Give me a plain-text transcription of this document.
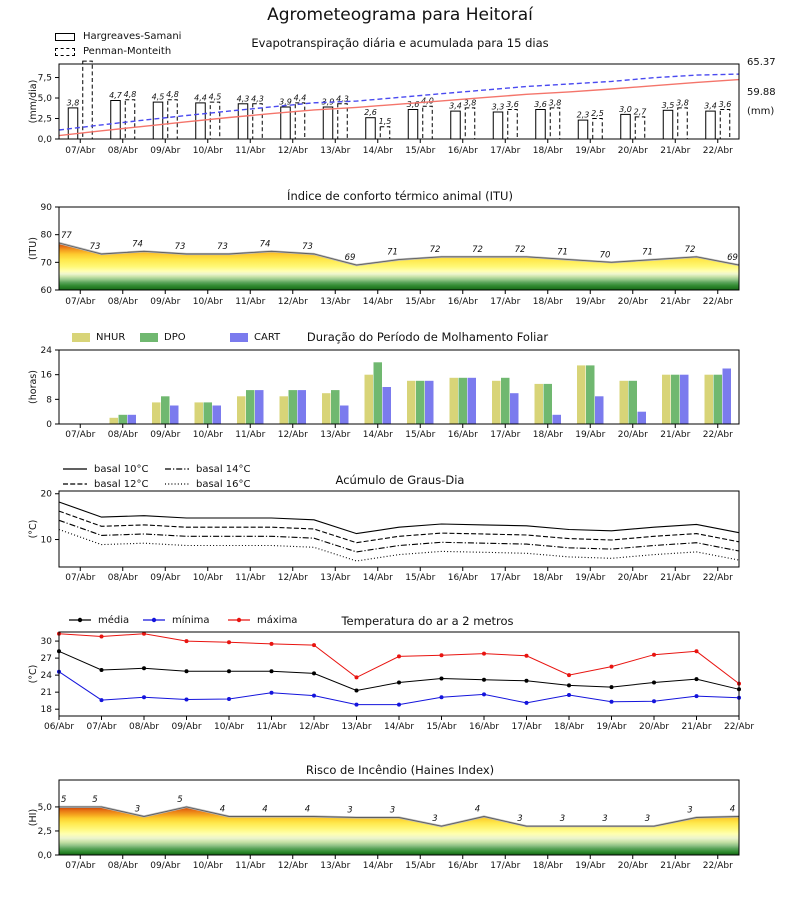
Agrometeograma para Heitoraí
Evapotranspiração diária e acumulada para 15 dias
Índice de conforto térmico animal (ITU)
Duração do Período de Molhamento Foliar
Acúmulo de Graus-Dia
Temperatura do ar a 2 metros
Risco de Incêndio (Haines Index)
Hargreaves-Samani
Penman-Monteith
NHUR	DPO	CART
basal 10°C
basal 12°C
basal 14°C
basal 16°C
média	mínima	máxima
3,8
4,7	4,5	4,4	4,3	3,9	3,9
2,6
3,6	3,4	3,3	3,6
2,3
3,0	3,5	3,4
4,8	4,8	4,5	4,3	4,4	4,3
1,5
4,0	3,8	3,6	3,8
2,5	2,7
3,8	3,6
65.37
59.88
(mm)
0,0
2,5
5,0
7,5
(mm/dia)
07/Abr 08/Abr 09/Abr 10/Abr 11/Abr 12/Abr 13/Abr 14/Abr 15/Abr 16/Abr 17/Abr 18/Abr 19/Abr 20/Abr 21/Abr 22/Abr
77
73	74	73	73	74	73
69
71	72	72	72	71	70	71	72
69
60
70
80
90
(ITU)
07/Abr 08/Abr 09/Abr 10/Abr 11/Abr 12/Abr 13/Abr 14/Abr 15/Abr 16/Abr 17/Abr 18/Abr 19/Abr 20/Abr 21/Abr 22/Abr
0
8
16
24
(horas)
07/Abr 08/Abr 09/Abr 10/Abr 11/Abr 12/Abr 13/Abr 14/Abr 15/Abr 16/Abr 17/Abr 18/Abr 19/Abr 20/Abr 21/Abr 22/Abr
10
20
(°C)
07/Abr 08/Abr 09/Abr 10/Abr 11/Abr 12/Abr 13/Abr 14/Abr 15/Abr 16/Abr 17/Abr 18/Abr 19/Abr 20/Abr 21/Abr 22/Abr
18
21
24
27
30
(°C)
06/Abr 07/Abr 08/Abr 09/Abr 10/Abr 11/Abr 12/Abr 13/Abr 14/Abr 15/Abr 16/Abr 17/Abr 18/Abr 19/Abr 20/Abr 21/Abr 22/Abr
5	5
3
5
4	4	4	3	3
3
4
3	3	3	3
3	4
0,0
2,5
5,0
(HI)
07/Abr 08/Abr 09/Abr 10/Abr 11/Abr 12/Abr 13/Abr 14/Abr 15/Abr 16/Abr 17/Abr 18/Abr 19/Abr 20/Abr 21/Abr 22/Abr
